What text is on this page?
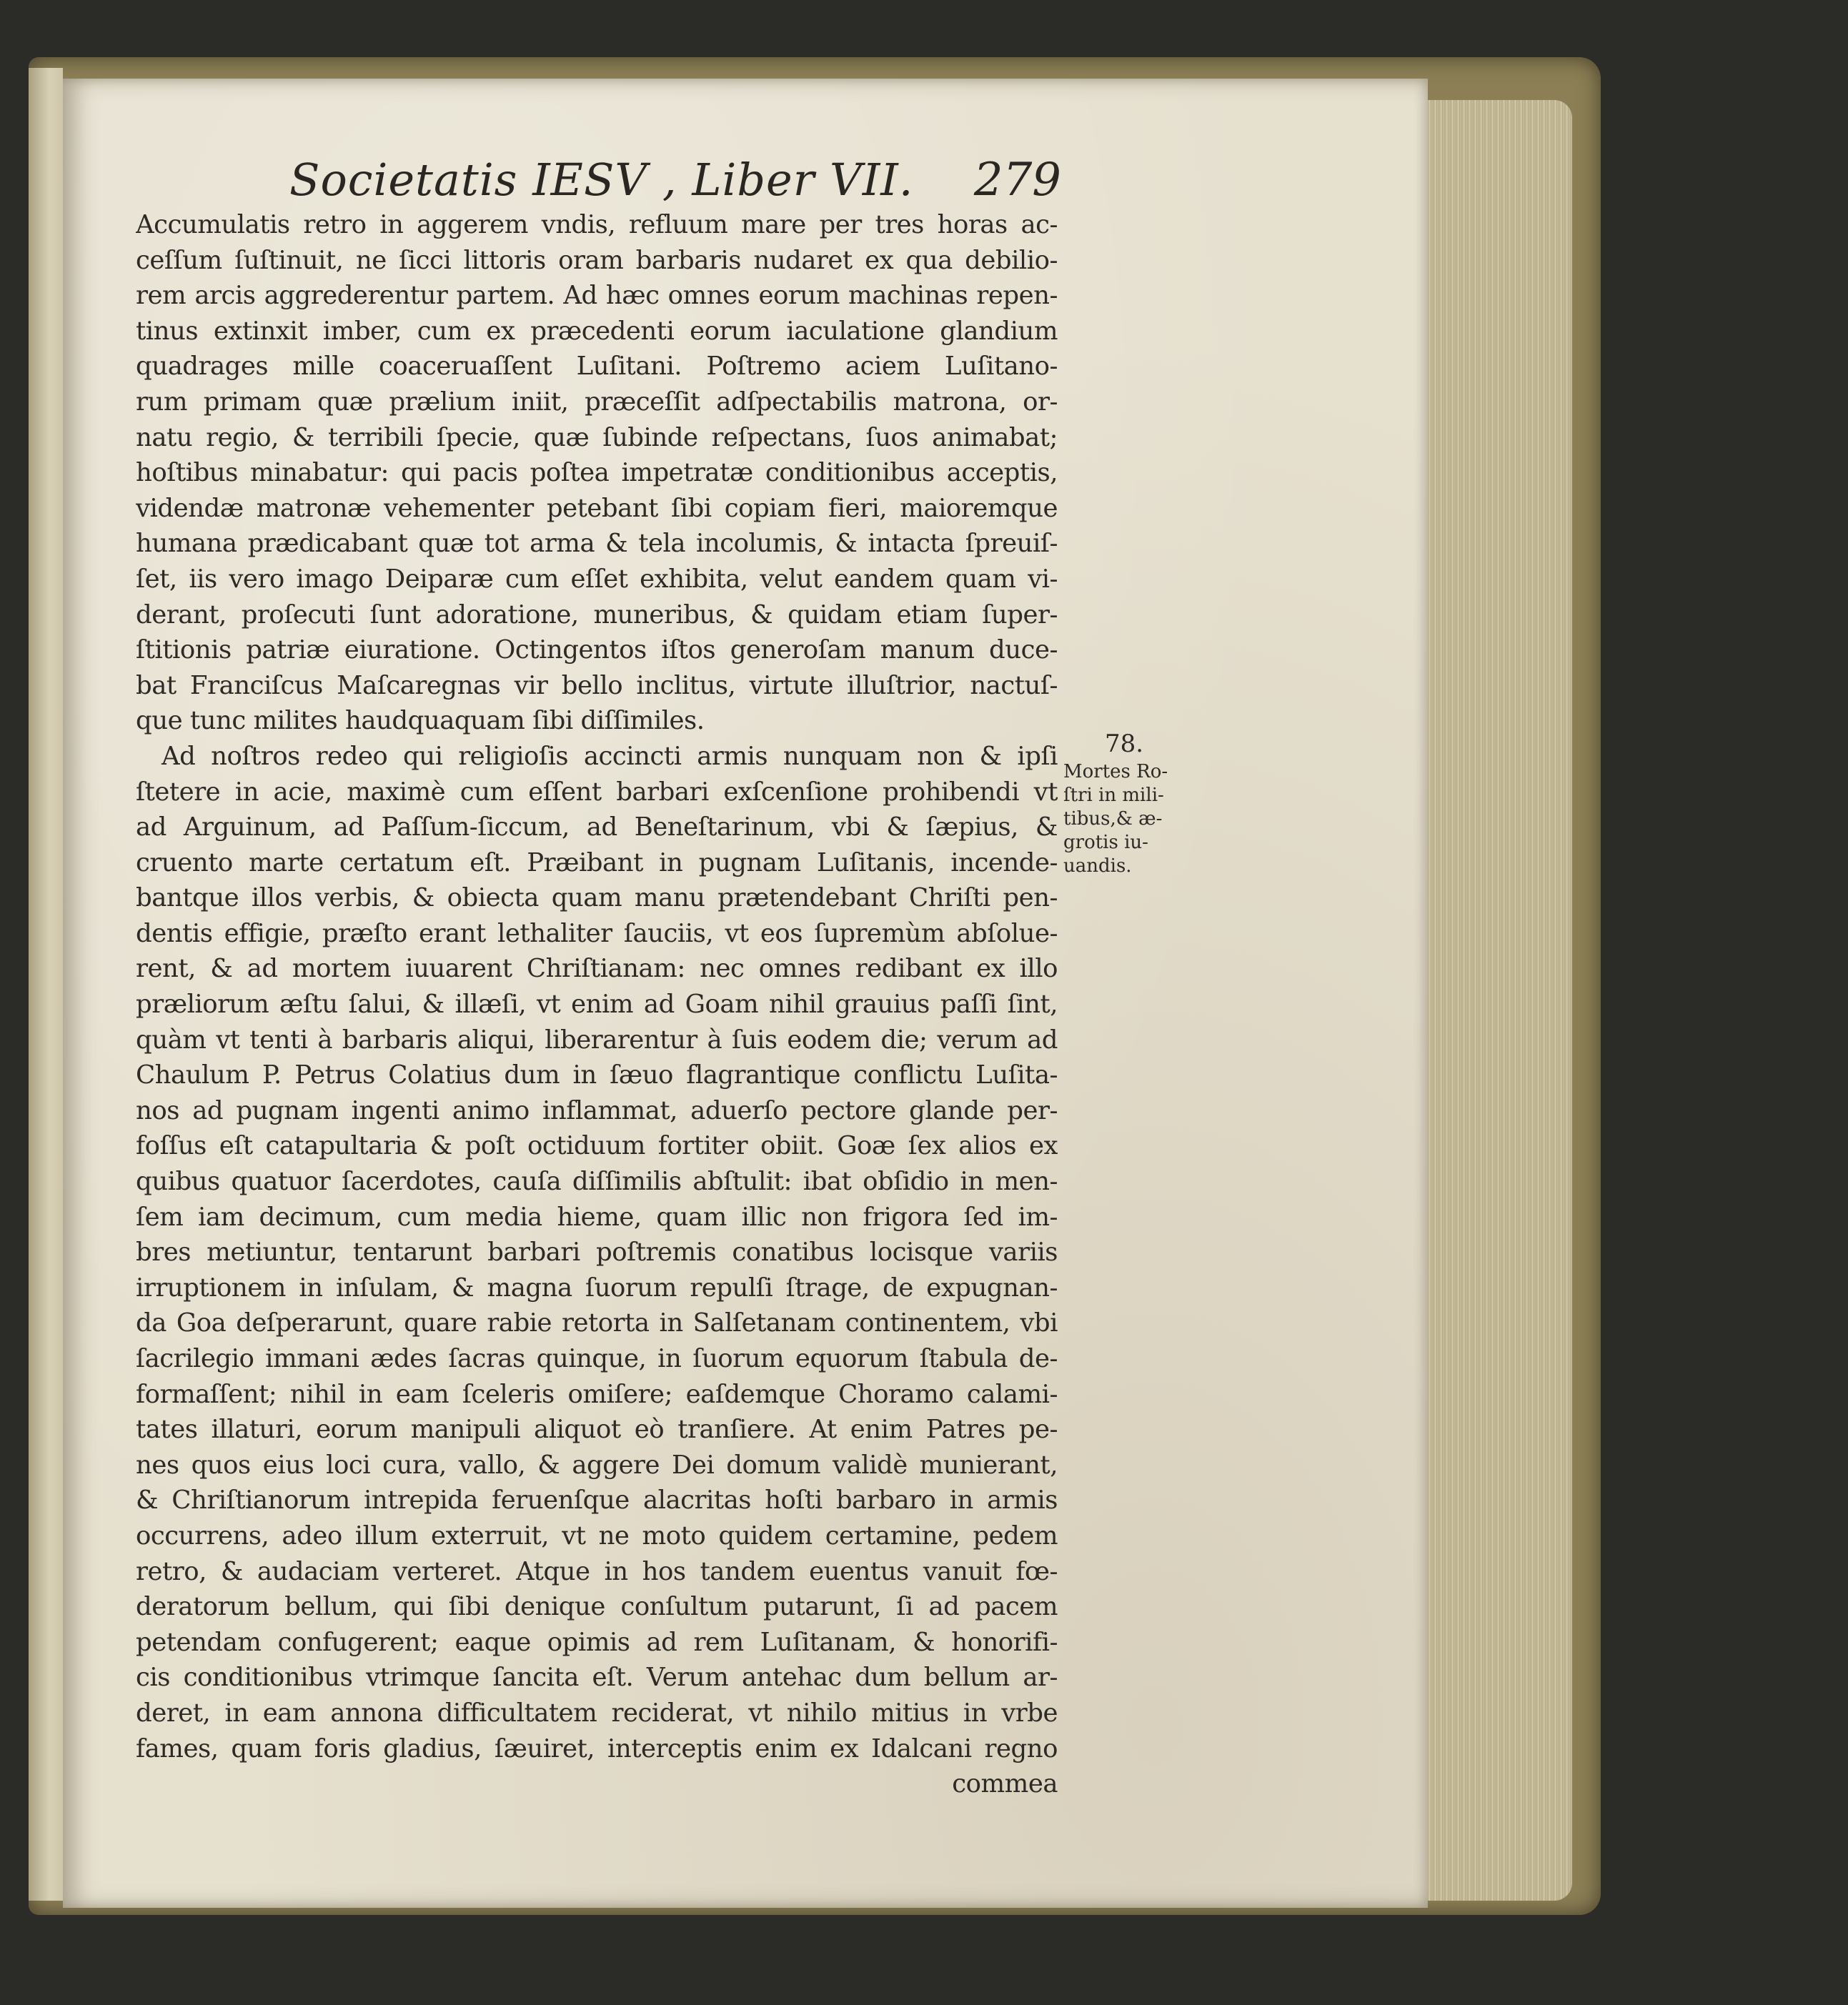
Societatis IESV , Liber VII. 279
Accumulatis retro in aggerem vndis, refluum mare per tres horas ac-
ceſſum ſuſtinuit, ne ſicci littoris oram barbaris nudaret ex qua debilio-
rem arcis aggrederentur partem. Ad hæc omnes eorum machinas repen-
tinus extinxit imber, cum ex præcedenti eorum iaculatione glandium
quadrages mille coaceruaſſent Luſitani. Poſtremo aciem Luſitano-
rum primam quæ prælium iniit, præceſſit adſpectabilis matrona, or-
natu regio, & terribili ſpecie, quæ ſubinde reſpectans, ſuos animabat;
hoſtibus minabatur: qui pacis poſtea impetratæ conditionibus acceptis,
videndæ matronæ vehementer petebant ſibi copiam fieri, maioremque
humana prædicabant quæ tot arma & tela incolumis, & intacta ſpreuiſ-
ſet, iis vero imago Deiparæ cum eſſet exhibita, velut eandem quam vi-
derant, proſecuti ſunt adoratione, muneribus, & quidam etiam ſuper-
ſtitionis patriæ eiuratione. Octingentos iſtos generoſam manum duce-
bat Franciſcus Maſcaregnas vir bello inclitus, virtute illuſtrior, nactuſ-
que tunc milites haudquaquam ſibi diſſimiles.
Ad noſtros redeo qui religioſis accincti armis nunquam non & ipſi
ſtetere in acie, maximè cum eſſent barbari exſcenſione prohibendi vt
ad Arguinum, ad Paſſum-ſiccum, ad Beneſtarinum, vbi & ſæpius, &
cruento marte certatum eſt. Præibant in pugnam Luſitanis, incende-
bantque illos verbis, & obiecta quam manu prætendebant Chriſti pen-
dentis effigie, præſto erant lethaliter ſauciis, vt eos ſupremùm abſolue-
rent, & ad mortem iuuarent Chriſtianam: nec omnes redibant ex illo
præliorum æſtu ſalui, & illæſi, vt enim ad Goam nihil grauius paſſi ſint,
quàm vt tenti à barbaris aliqui, liberarentur à ſuis eodem die; verum ad
Chaulum P. Petrus Colatius dum in ſæuo flagrantique conflictu Luſita-
nos ad pugnam ingenti animo inflammat, aduerſo pectore glande per-
foſſus eſt catapultaria & poſt octiduum fortiter obiit. Goæ ſex alios ex
quibus quatuor ſacerdotes, cauſa diſſimilis abſtulit: ibat obſidio in men-
ſem iam decimum, cum media hieme, quam illic non frigora ſed im-
bres metiuntur, tentarunt barbari poſtremis conatibus locisque variis
irruptionem in inſulam, & magna ſuorum repulſi ſtrage, de expugnan-
da Goa deſperarunt, quare rabie retorta in Salſetanam continentem, vbi
ſacrilegio immani ædes ſacras quinque, in ſuorum equorum ſtabula de-
formaſſent; nihil in eam ſceleris omiſere; eaſdemque Choramo calami-
tates illaturi, eorum manipuli aliquot eò tranſiere. At enim Patres pe-
nes quos eius loci cura, vallo, & aggere Dei domum validè munierant,
& Chriſtianorum intrepida feruenſque alacritas hoſti barbaro in armis
occurrens, adeo illum exterruit, vt ne moto quidem certamine, pedem
retro, & audaciam verteret. Atque in hos tandem euentus vanuit fœ-
deratorum bellum, qui ſibi denique conſultum putarunt, ſi ad pacem
petendam confugerent; eaque opimis ad rem Luſitanam, & honorifi-
cis conditionibus vtrimque ſancita eſt. Verum antehac dum bellum ar-
deret, in eam annona difficultatem reciderat, vt nihilo mitius in vrbe
fames, quam foris gladius, ſæuiret, interceptis enim ex Idalcani regno
commea
78.
Mortes Ro-
ſtri in mili-
tibus,& æ-
grotis iu-
uandis.
